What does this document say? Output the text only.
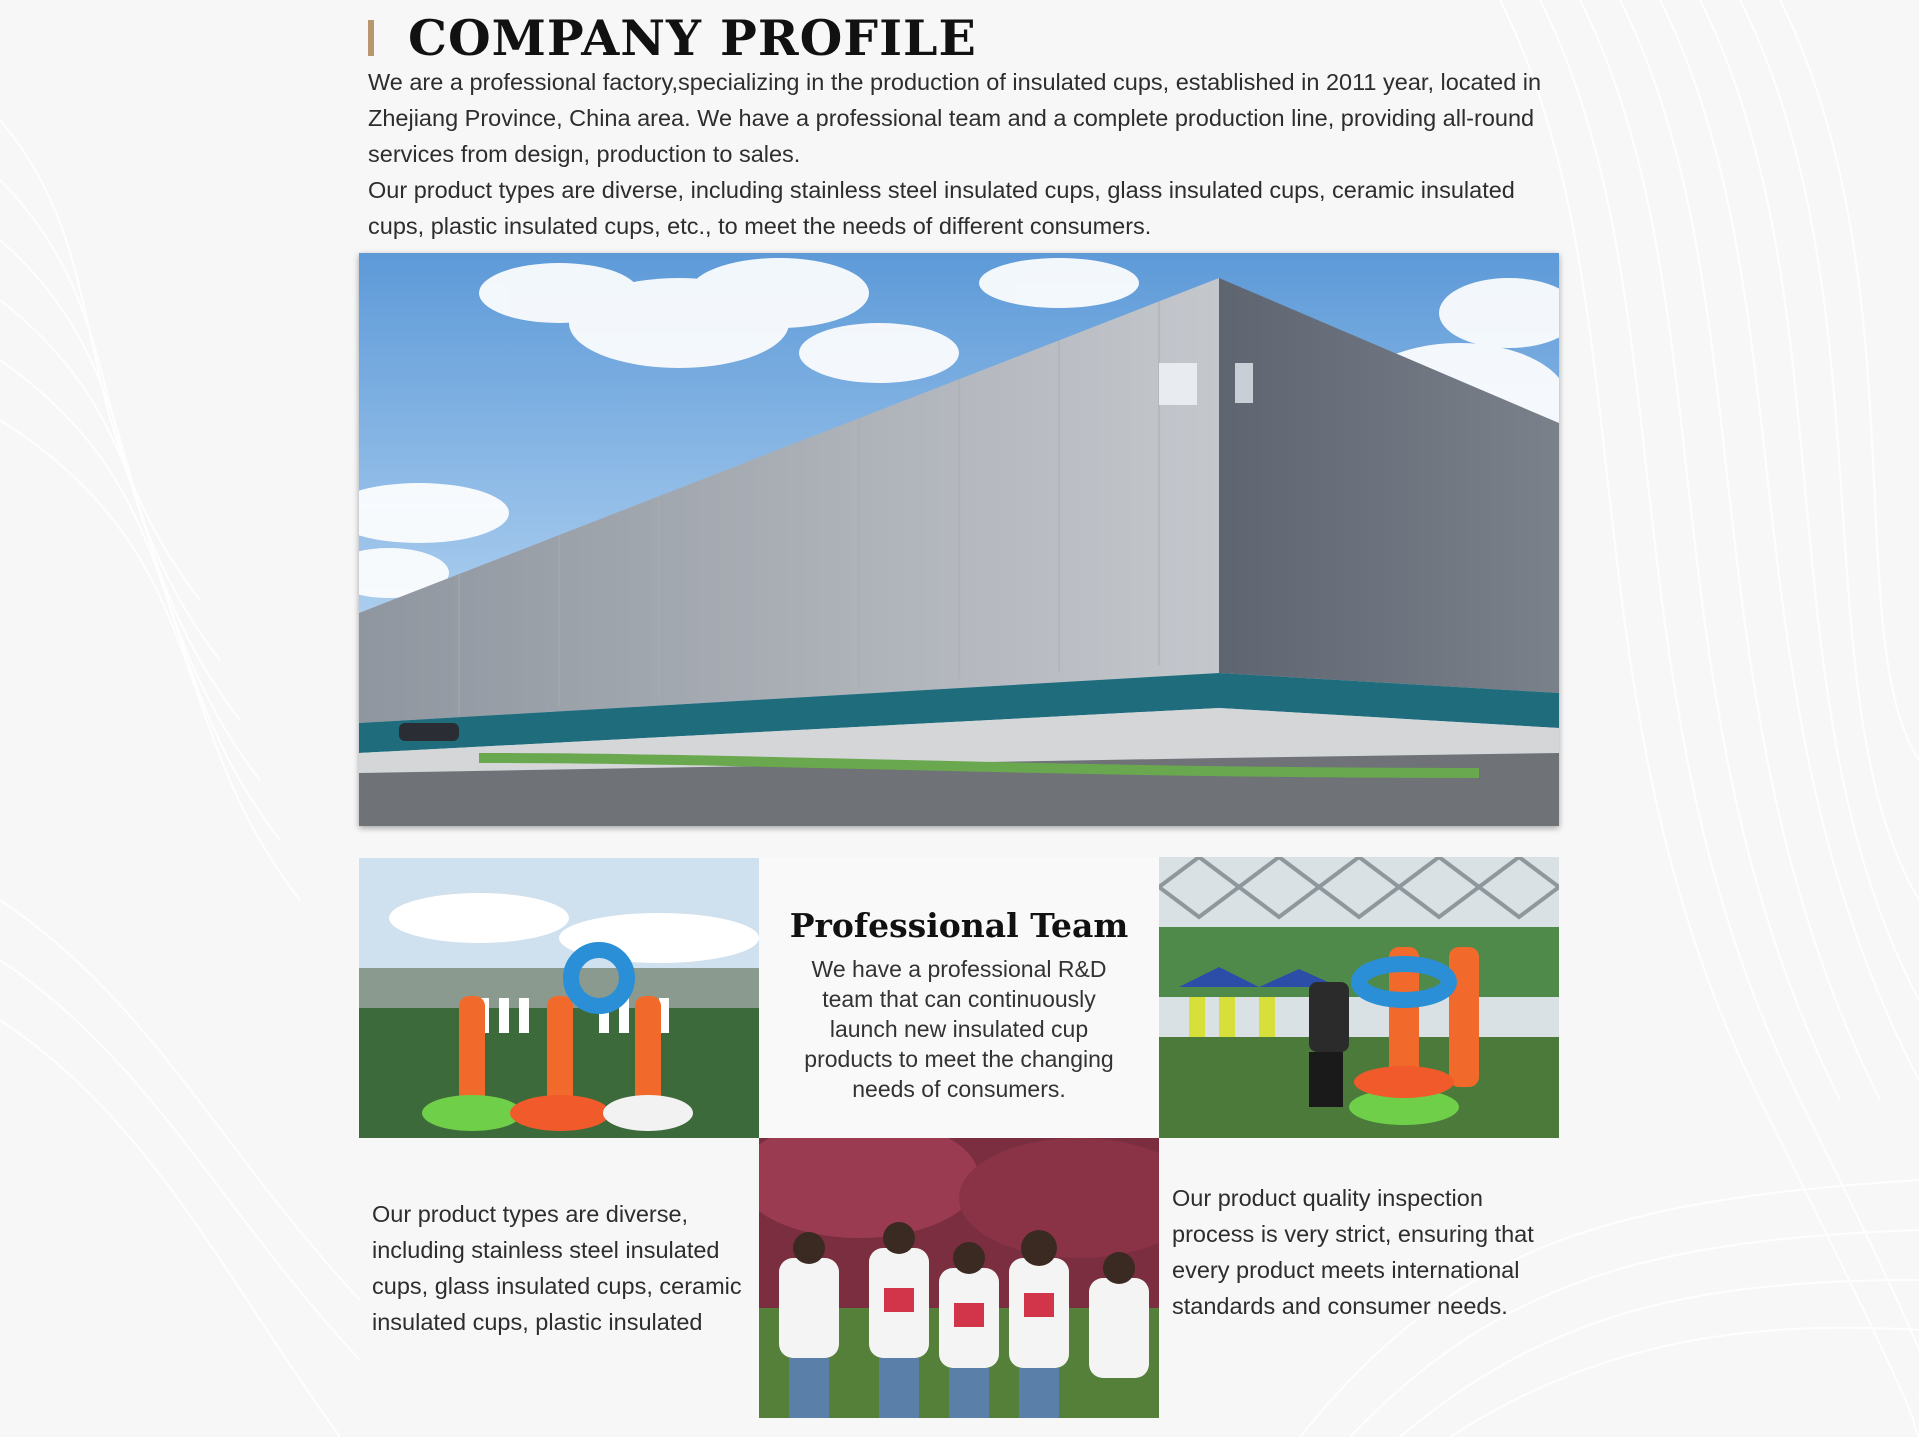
COMPANY PROFILE

We are a professional factory,specializing in the production of insulated cups, established in 2011 year, located in Zhejiang Province, China area. We have a professional team and a complete production line, providing all-round services from design, production to sales.

Our product types are diverse, including stainless steel insulated cups, glass insulated cups, ceramic insulated cups, plastic insulated cups, etc., to meet the needs of different consumers.

Professional Team

We have a professional R&D team that can continuously launch new insulated cup products to meet the changing needs of consumers.

Our product types are diverse, including stainless steel insulated cups, glass insulated cups, ceramic insulated cups, plastic insulated

Our product quality inspection process is very strict, ensuring that every product meets international standards and consumer needs.
